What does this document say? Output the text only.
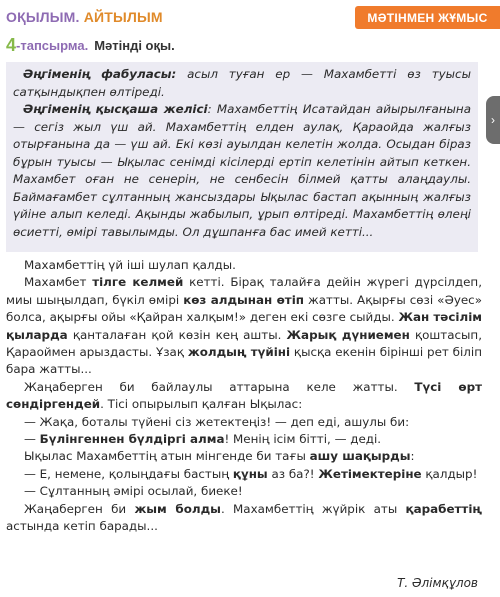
ОҚЫЛЫМ. АЙТЫЛЫМ	МӘТІНМЕН ЖҰМЫС
4-тапсырма. Мәтінді оқы.
›

Әңгіменің фабуласы: асыл туған ер — Махамбетті өз туысы сатқындықпен өлтіреді.

Әңгіменің қысқаша желісі: Махамбеттің Исатайдан айырылғанына — сегіз жыл үш ай. Махамбеттің елден аулақ, Қараойда жалғыз отырғанына да — үш ай. Екі көзі ауылдан келетін жолда. Осыдан біраз бұрын туысы — Ықылас сенімді кісілерді ертіп келетінін айтып кеткен. Махамбет оған не сенерін, не сенбесін білмей қатты алаңдаулы. Баймағамбет сұлтанның жансыздары Ықылас бастап ақынның жалғыз үйіне алып келеді. Ақынды жабылып, ұрып өлтіреді. Махамбеттің өлеңі өсиетті, өмірі тавылымды. Ол дұшпанға бас имей кетті...

Махамбеттің үй іші шулап қалды.

Махамбет тілге келмей кетті. Бірақ талайға дейін жүрегі дүрсілдеп, миы шыңылдап, бүкіл өмірі көз алдынан өтіп жатты. Ақырғы сөзі «Әуес» болса, ақырғы ойы «Қайран халқым!» деген екі сөзге сыйды. Жан тәсілім қыларда қанталаған қой көзін кең ашты. Жарық дүниемен қоштасып, Қараоймен арыздасты. Ұзақ жолдың түйіні қысқа екенін бірінші рет біліп бара жатты...

Жаңаберген би байлаулы аттарына келе жатты. Түсі өрт сөндіргендей. Тісі опырылып қалған Ықылас:

— Жақа, боталы түйені сіз жетектеңіз! — деп еді, ашулы би:

— Бүлінгеннен бүлдіргі алма! Менің ісім бітті, — деді.

Ықылас Махамбеттің атын мінгенде би тағы ашу шақырды:

— Е, немене, қолыңдағы бастың құны аз ба?! Жетімектеріне қалдыр!

— Сұлтанның әмірі осылай, биеке!

Жаңаберген би жым болды. Махамбеттің жүйрік аты қарабеттің астында кетіп барады...

Т. Әлімқұлов
